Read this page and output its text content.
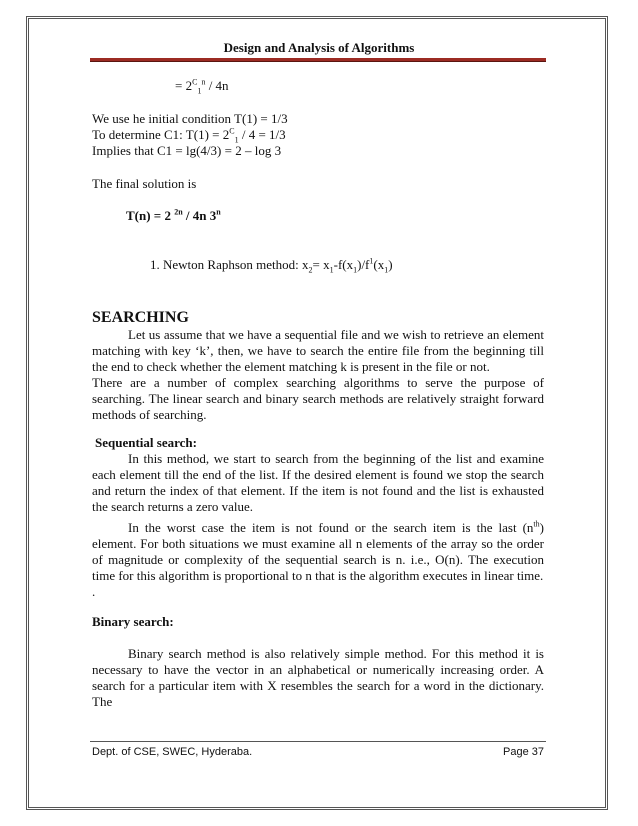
Design and Analysis of Algorithms
= $2^C_1^n / 4n$
We use he initial condition T(1) = 1/3
To determine C1: $T(1) = 2^C_1 / 4 = 1/3$
Implies that C1 = lg(4/3) = 2 – log 3
The final solution is
T(n) = 2 $^{2n}$ / 4n 3$^n$
1. Newton Raphson method: $x_2= x_1-f(x_1)/f^1(x_1)$
SEARCHING

Let us assume that we have a sequential file and we wish to retrieve an element matching with key ‘k’, then, we have to search the entire file from the beginning till the end to check whether the element matching k is present in the file or not.

There are a number of complex searching algorithms to serve the purpose of searching. The linear search and binary search methods are relatively straight forward methods of searching.

Sequential search:

In this method, we start to search from the beginning of the list and examine each element till the end of the list. If the desired element is found we stop the search and return the index of that element. If the item is not found and the list is exhausted the search returns a zero value.

In the worst case the item is not found or the search item is the last $(n^{th})$ element. For both situations we must examine all n elements of the array so the order of magnitude or complexity of the sequential search is n. i.e., O(n). The execution time for this algorithm is proportional to n that is the algorithm executes in linear time.

.

Binary search:

Binary search method is also relatively simple method. For this method it is necessary to have the vector in an alphabetical or numerically increasing order. A search for a particular item with X resembles the search for a word in the dictionary. The

Dept. of CSE, SWEC, Hyderaba.	Page 37
